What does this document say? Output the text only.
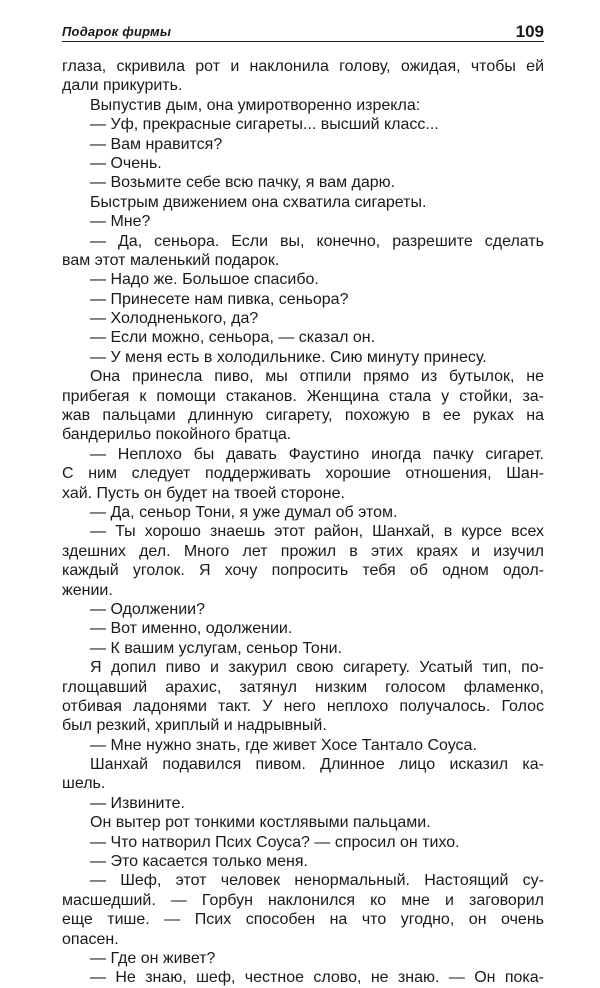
Подарок фирмы	109
глаза, скривила рот и наклонила голову, ожидая, чтобы ей
дали прикурить.
Выпустив дым, она умиротворенно изрекла:
— Уф, прекрасные сигареты... высший класс...
— Вам нравится?
— Очень.
— Возьмите себе всю пачку, я вам дарю.
Быстрым движением она схватила сигареты.
— Мне?
— Да, сеньора. Если вы, конечно, разрешите сделать
вам этот маленький подарок.
— Надо же. Большое спасибо.
— Принесете нам пивка, сеньора?
— Холодненького, да?
— Если можно, сеньора, — сказал он.
— У меня есть в холодильнике. Сию минуту принесу.
Она принесла пиво, мы отпили прямо из бутылок, не
прибегая к помощи стаканов. Женщина стала у стойки, за-
жав пальцами длинную сигарету, похожую в ее руках на
бандерильо покойного братца.
— Неплохо бы давать Фаустино иногда пачку сигарет.
С ним следует поддерживать хорошие отношения, Шан-
хай. Пусть он будет на твоей стороне.
— Да, сеньор Тони, я уже думал об этом.
— Ты хорошо знаешь этот район, Шанхай, в курсе всех
здешних дел. Много лет прожил в этих краях и изучил
каждый уголок. Я хочу попросить тебя об одном одол-
жении.
— Одолжении?
— Вот именно, одолжении.
— К вашим услугам, сеньор Тони.
Я допил пиво и закурил свою сигарету. Усатый тип, по-
глощавший арахис, затянул низким голосом фламенко,
отбивая ладонями такт. У него неплохо получалось. Голос
был резкий, хриплый и надрывный.
— Мне нужно знать, где живет Хосе Тантало Соуса.
Шанхай подавился пивом. Длинное лицо исказил ка-
шель.
— Извините.
Он вытер рот тонкими костлявыми пальцами.
— Что натворил Псих Соуса? — спросил он тихо.
— Это касается только меня.
— Шеф, этот человек ненормальный. Настоящий су-
масшедший. — Горбун наклонился ко мне и заговорил
еще тише. — Псих способен на что угодно, он очень
опасен.
— Где он живет?
— Не знаю, шеф, честное слово, не знаю. — Он пока-
